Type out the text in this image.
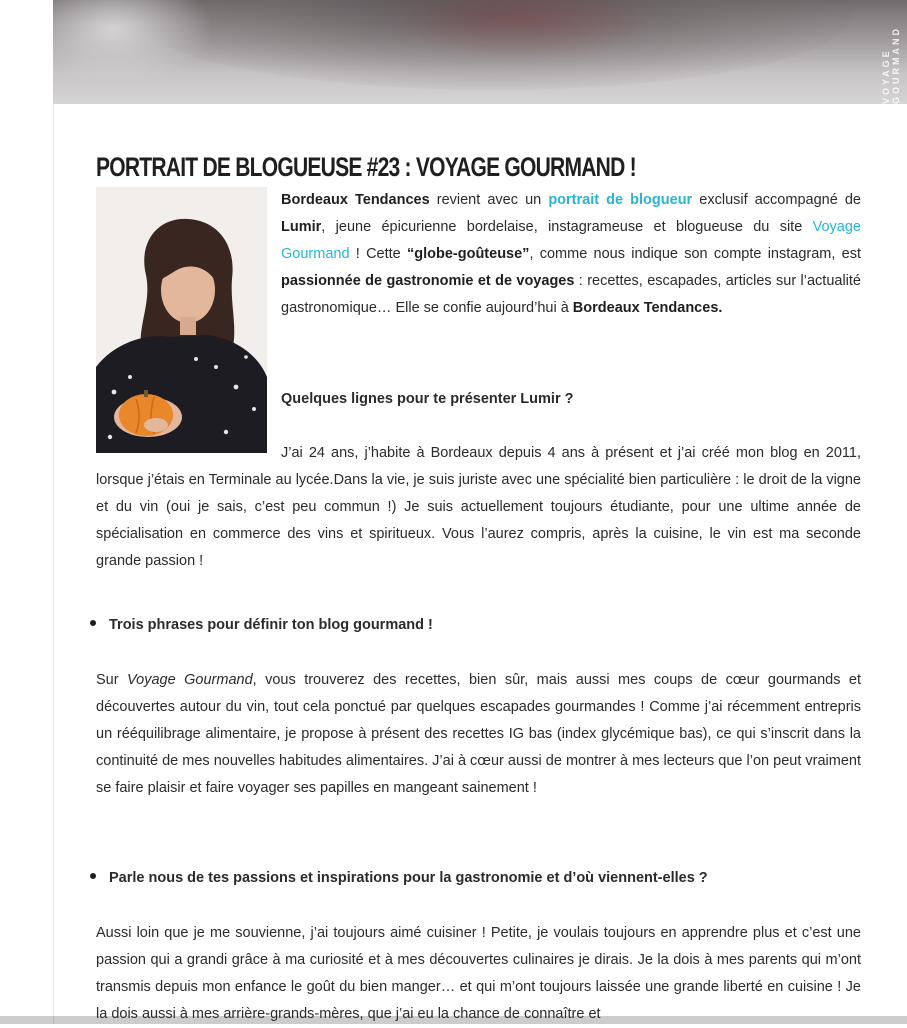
VOYAGE GOURMAND
PORTRAIT DE BLOGUEUSE #23 : VOYAGE GOURMAND !

Bordeaux Tendances revient avec un portrait de blogueur exclusif accompagné de Lumir, jeune épicurienne bordelaise, instagrameuse et blogueuse du site Voyage Gourmand ! Cette “globe-goûteuse”, comme nous indique son compte instagram, est passionnée de gastronomie et de voyages : recettes, escapades, articles sur l’actualité gastronomique… Elle se confie aujourd’hui à Bordeaux Tendances.

Quelques lignes pour te présenter Lumir ?

J’ai 24 ans, j’habite à Bordeaux depuis 4 ans à présent et j’ai créé mon blog en 2011, lorsque j’étais en Terminale au lycée.Dans la vie, je suis juriste avec une spécialité bien particulière : le droit de la vigne et du vin (oui je sais, c’est peu commun !) Je suis actuellement toujours étudiante, pour une ultime année de spécialisation en commerce des vins et spiritueux. Vous l’aurez compris, après la cuisine, le vin est ma seconde grande passion !

Trois phrases pour définir ton blog gourmand !

Sur Voyage Gourmand, vous trouverez des recettes, bien sûr, mais aussi mes coups de cœur gourmands et découvertes autour du vin, tout cela ponctué par quelques escapades gourmandes ! Comme j’ai récemment entrepris un rééquilibrage alimentaire, je propose à présent des recettes IG bas (index glycémique bas), ce qui s’inscrit dans la continuité de mes nouvelles habitudes alimentaires. J’ai à cœur aussi de montrer à mes lecteurs que l’on peut vraiment se faire plaisir et faire voyager ses papilles en mangeant sainement !

Parle nous de tes passions et inspirations pour la gastronomie et d’où viennent-elles ?

Aussi loin que je me souvienne, j’ai toujours aimé cuisiner ! Petite, je voulais toujours en apprendre plus et c’est une passion qui a grandi grâce à ma curiosité et à mes découvertes culinaires je dirais. Je la dois à mes parents qui m’ont transmis depuis mon enfance le goût du bien manger… et qui m’ont toujours laissée une grande liberté en cuisine ! Je la dois aussi à mes arrière-grands-mères, que j’ai eu la chance de connaître et
